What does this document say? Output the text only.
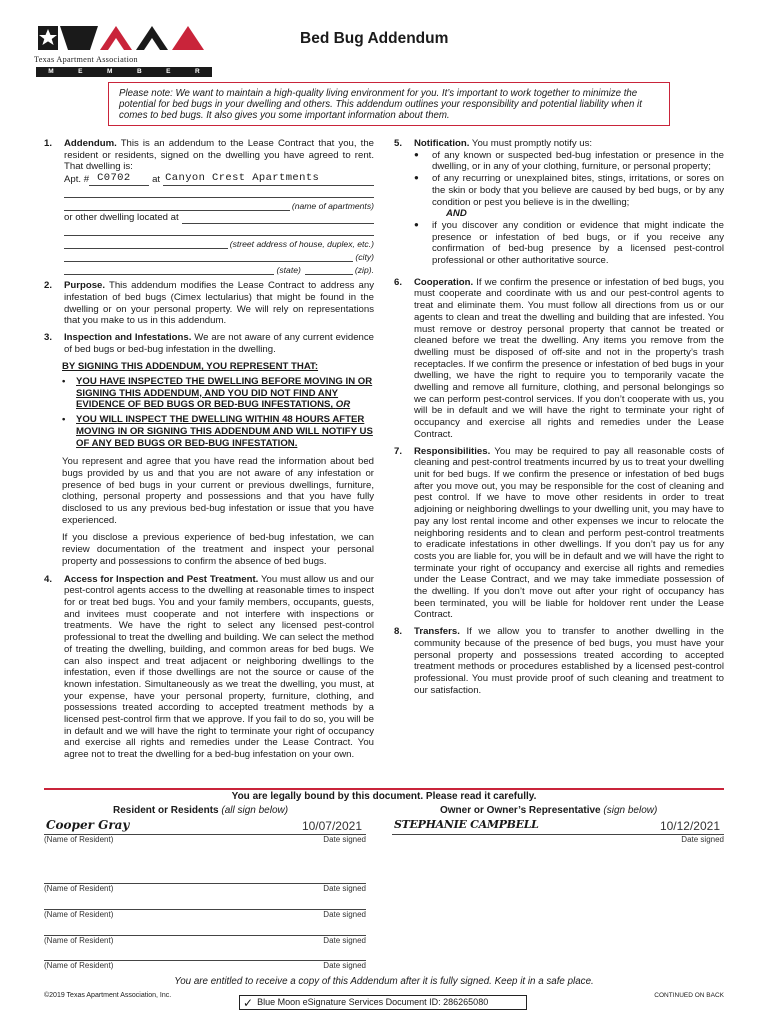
Texas Apartment Association
M	E	M	B	E	R
Bed Bug Addendum
Please note: We want to maintain a high-quality living environment for you. It’s important to work together to minimize the potential for bed bugs in your dwelling and others. This addendum outlines your responsibility and potential liability when it comes to bed bugs. It also gives you some important information about them.
1. Addendum. This is an addendum to the Lease Contract that you, the resident or residents, signed on the dwelling you have agreed to rent. That dwelling is:

Apt. # C0702	at Canyon Crest Apartments
(name of apartments)
or other dwelling located at
(street address of house, duplex, etc.)
(city)
(state)	(zip).
2. Purpose. This addendum modifies the Lease Contract to address any infestation of bed bugs (Cimex lectularius) that might be found in the dwelling or on your personal property. We will rely on representations that you make to us in this addendum.

3. Inspection and Infestations. We are not aware of any current evidence of bed bugs or bed-bug infestation in the dwelling.

BY SIGNING THIS ADDENDUM, YOU REPRESENT THAT:
•	YOU HAVE INSPECTED THE DWELLING BEFORE MOVING IN OR SIGNING THIS ADDENDUM, AND YOU DID NOT FIND ANY EVIDENCE OF BED BUGS OR BED-BUG INFESTATIONS, OR
•	YOU WILL INSPECT THE DWELLING WITHIN 48 HOURS AFTER MOVING IN OR SIGNING THIS ADDENDUM AND WILL NOTIFY US OF ANY BED BUGS OR BED-BUG INFESTATION.

You represent and agree that you have read the information about bed bugs provided by us and that you are not aware of any infestation or presence of bed bugs in your current or previous dwellings, furniture, clothing, personal property and possessions and that you have fully disclosed to us any previous bed-bug infestation or issue that you have experienced.

If you disclose a previous experience of bed-bug infestation, we can review documentation of the treatment and inspect your personal property and possessions to confirm the absence of bed bugs.

4. Access for Inspection and Pest Treatment. You must allow us and our pest-control agents access to the dwelling at reasonable times to inspect for or treat bed bugs. You and your family members, occupants, guests, and invitees must cooperate and not interfere with inspections or treatments. We have the right to select any licensed pest-control professional to treat the dwelling and building. We can select the method of treating the dwelling, building, and common areas for bed bugs. We can also inspect and treat adjacent or neighboring dwellings to the infestation, even if those dwellings are not the source or cause of the known infestation. Simultaneously as we treat the dwelling, you must, at your expense, have your personal property, furniture, clothing, and possessions treated according to accepted treatment methods by a licensed pest-control firm that we approve. If you fail to do so, you will be in default and we will have the right to terminate your right of occupancy and exercise all rights and remedies under the Lease Contract. You agree not to treat the dwelling for a bed-bug infestation on your own.

5. Notification. You must promptly notify us:

● of any known or suspected bed-bug infestation or presence in the dwelling, or in any of your clothing, furniture, or personal property;
● of any recurring or unexplained bites, stings, irritations, or sores on the skin or body that you believe are caused by bed bugs, or by any condition or pest you believe is in the dwelling;
AND
● if you discover any condition or evidence that might indicate the presence or infestation of bed bugs, or if you receive any confirmation of bed-bug presence by a licensed pest-control professional or other authoritative source.
6. Cooperation. If we confirm the presence or infestation of bed bugs, you must cooperate and coordinate with us and our pest-control agents to treat and eliminate them. You must follow all directions from us or our agents to clean and treat the dwelling and building that are infested. You must remove or destroy personal property that cannot be treated or cleaned before we treat the dwelling. Any items you remove from the dwelling must be disposed of off-site and not in the property’s trash receptacles. If we confirm the presence or infestation of bed bugs in your dwelling, we have the right to require you to temporarily vacate the dwelling and remove all furniture, clothing, and personal belongings so we can perform pest-control services. If you don’t cooperate with us, you will be in default and we will have the right to terminate your right of occupancy and exercise all rights and remedies under the Lease Contract.

7. Responsibilities. You may be required to pay all reasonable costs of cleaning and pest-control treatments incurred by us to treat your dwelling unit for bed bugs. If we confirm the presence or infestation of bed bugs after you move out, you may be responsible for the cost of cleaning and pest control. If we have to move other residents in order to treat adjoining or neighboring dwellings to your dwelling unit, you may have to pay any lost rental income and other expenses we incur to relocate the neighboring residents and to clean and perform pest-control treatments to eradicate infestations in other dwellings. If you don’t pay us for any costs you are liable for, you will be in default and we will have the right to terminate your right of occupancy and exercise all rights and remedies under the Lease Contract, and we may take immediate possession of the dwelling. If you don’t move out after your right of occupancy has been terminated, you will be liable for holdover rent under the Lease Contract.

8. Transfers. If we allow you to transfer to another dwelling in the community because of the presence of bed bugs, you must have your personal property and possessions treated according to accepted treatment methods or procedures established by a licensed pest-control professional. You must provide proof of such cleaning and treatment to our satisfaction.

You are legally bound by this document. Please read it carefully.
Resident or Residents (all sign below)	Owner or Owner’s Representative (sign below)
Cooper Gray	10/07/2021
(Name of Resident)	Date signed
STEPHANIE CAMPBELL	10/12/2021
Date signed
(Name of Resident)	Date signed
(Name of Resident)	Date signed
(Name of Resident)	Date signed
(Name of Resident)	Date signed
You are entitled to receive a copy of this Addendum after it is fully signed. Keep it in a safe place.
©2019 Texas Apartment Association, Inc.	CONTINUED ON BACK
✓ Blue Moon eSignature Services Document ID: 286265080
